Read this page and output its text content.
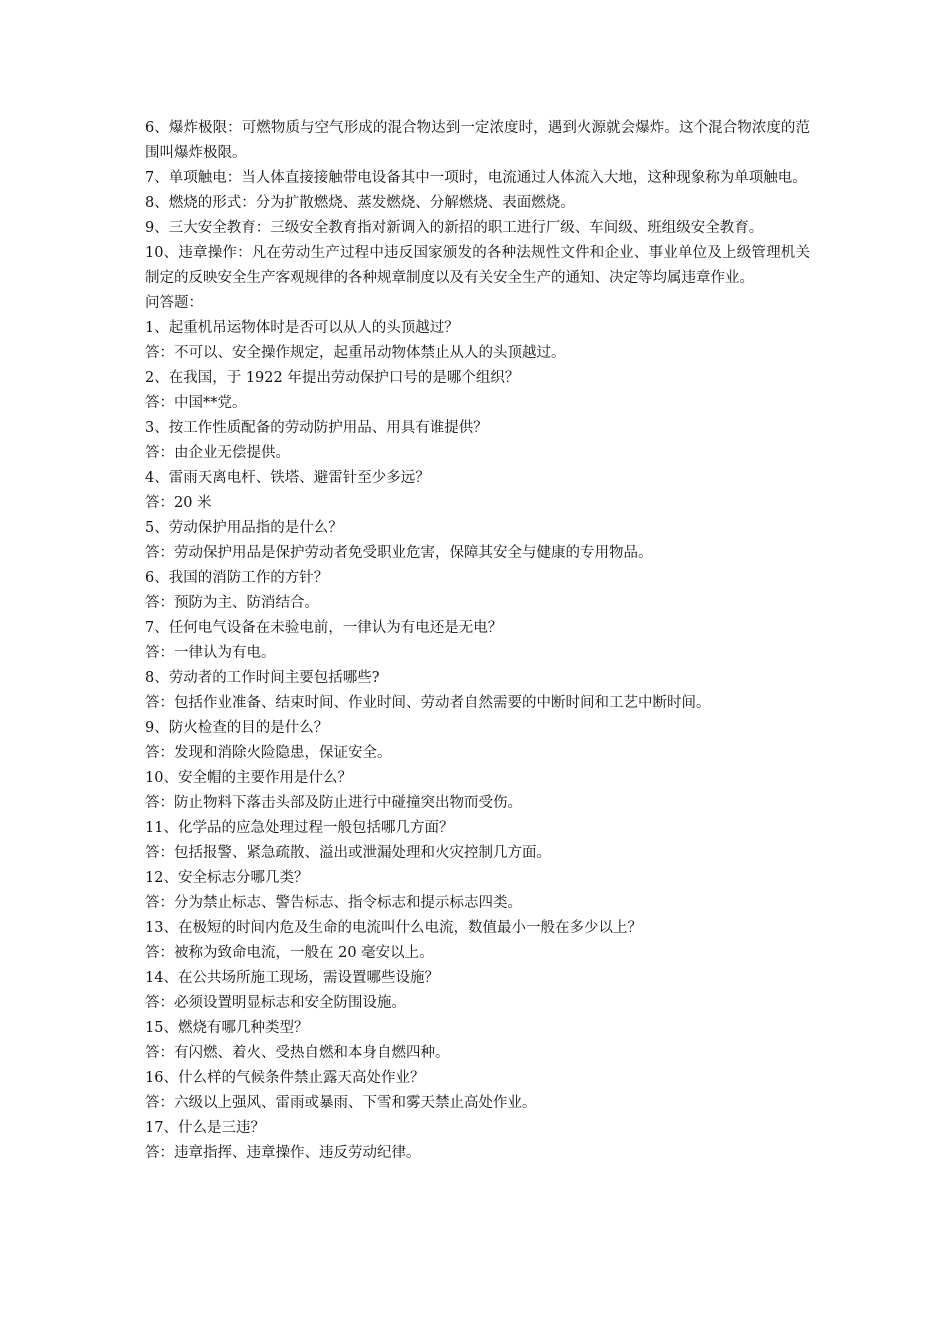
6、爆炸极限：可燃物质与空气形成的混合物达到一定浓度时，遇到火源就会爆炸。这个混合物浓度的范围叫爆炸极限。

7、单项触电：当人体直接接触带电设备其中一项时，电流通过人体流入大地，这种现象称为单项触电。

8、燃烧的形式：分为扩散燃烧、蒸发燃烧、分解燃烧、表面燃烧。

9、三大安全教育：三级安全教育指对新调入的新招的职工进行厂级、车间级、班组级安全教育。

10、违章操作：凡在劳动生产过程中违反国家颁发的各种法规性文件和企业、事业单位及上级管理机关制定的反映安全生产客观规律的各种规章制度以及有关安全生产的通知、决定等均属违章作业。

问答题：

1、起重机吊运物体时是否可以从人的头顶越过？

答：不可以、安全操作规定，起重吊动物体禁止从人的头顶越过。

2、在我国，于 1922 年提出劳动保护口号的是哪个组织？

答：中国**党。

3、按工作性质配备的劳动防护用品、用具有谁提供？

答：由企业无偿提供。

4、雷雨天离电杆、铁塔、避雷针至少多远？

答：20 米

5、劳动保护用品指的是什么？

答：劳动保护用品是保护劳动者免受职业危害，保障其安全与健康的专用物品。

6、我国的消防工作的方针？

答：预防为主、防消结合。

7、任何电气设备在未验电前，一律认为有电还是无电？

答：一律认为有电。

8、劳动者的工作时间主要包括哪些?

答：包括作业准备、结束时间、作业时间、劳动者自然需要的中断时间和工艺中断时间。

9、防火检查的目的是什么？

答：发现和消除火险隐患，保证安全。

10、安全帽的主要作用是什么？

答：防止物料下落击头部及防止进行中碰撞突出物而受伤。

11、化学品的应急处理过程一般包括哪几方面？

答：包括报警、紧急疏散、溢出或泄漏处理和火灾控制几方面。

12、安全标志分哪几类？

答：分为禁止标志、警告标志、指令标志和提示标志四类。

13、在极短的时间内危及生命的电流叫什么电流，数值最小一般在多少以上？

答：被称为致命电流，一般在 20 毫安以上。

14、在公共场所施工现场，需设置哪些设施？

答：必须设置明显标志和安全防围设施。

15、燃烧有哪几种类型？

答：有闪燃、着火、受热自燃和本身自燃四种。

16、什么样的气候条件禁止露天高处作业？

答：六级以上强风、雷雨或暴雨、下雪和雾天禁止高处作业。

17、什么是三违？

答：违章指挥、违章操作、违反劳动纪律。
